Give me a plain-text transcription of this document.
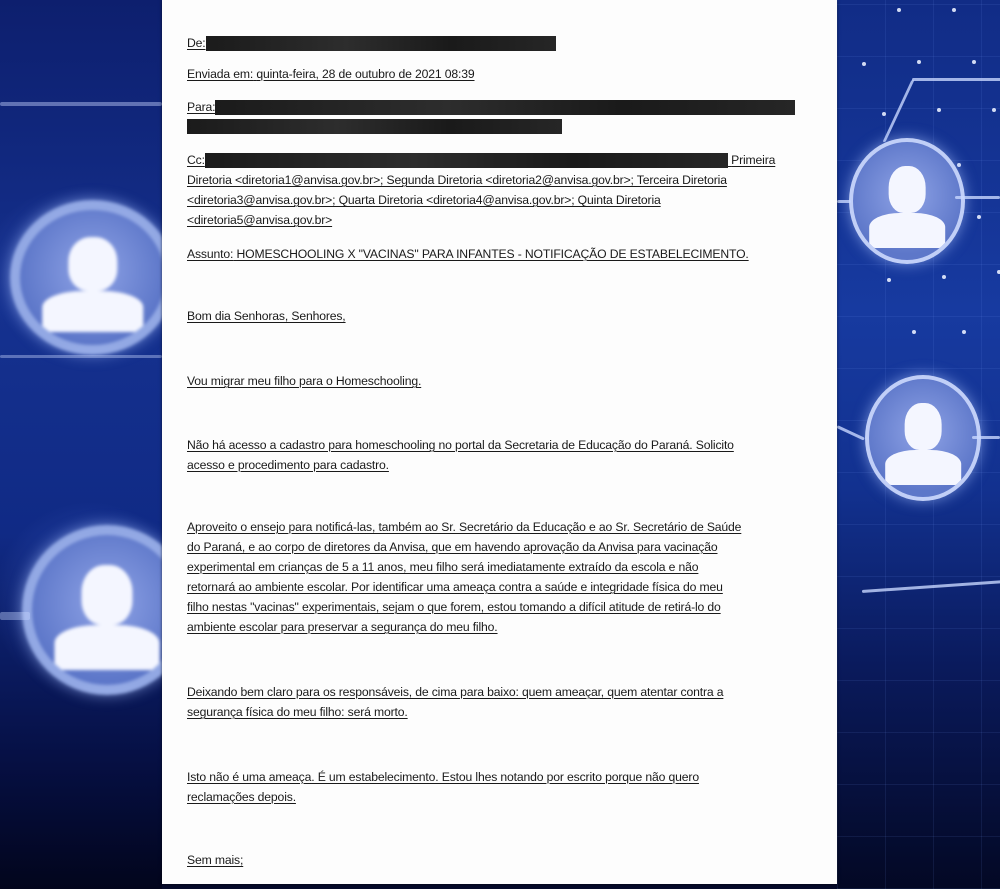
De:
Enviada em: quinta-feira, 28 de outubro de 2021 08:39
Para:
Cc:	Primeira
Diretoria <diretoria1@anvisa.gov.br>; Segunda Diretoria <diretoria2@anvisa.gov.br>; Terceira Diretoria
<diretoria3@anvisa.gov.br>; Quarta Diretoria <diretoria4@anvisa.gov.br>; Quinta Diretoria
<diretoria5@anvisa.gov.br>
Assunto: HOMESCHOOLING X "VACINAS" PARA INFANTES - NOTIFICAÇÃO DE ESTABELECIMENTO.
Bom dia Senhoras, Senhores,
Vou migrar meu filho para o Homeschooling.
Não há acesso a cadastro para homeschooling no portal da Secretaria de Educação do Paraná. Solicito
acesso e procedimento para cadastro.
Aproveito o ensejo para notificá-las, também ao Sr. Secretário da Educação e ao Sr. Secretário de Saúde
do Paraná, e ao corpo de diretores da Anvisa, que em havendo aprovação da Anvisa para vacinação
experimental em crianças de 5 a 11 anos, meu filho será imediatamente extraído da escola e não
retornará ao ambiente escolar. Por identificar uma ameaça contra a saúde e integridade física do meu
filho nestas "vacinas" experimentais, sejam o que forem, estou tomando a difícil atitude de retirá-lo do
ambiente escolar para preservar a segurança do meu filho.
Deixando bem claro para os responsáveis, de cima para baixo: quem ameaçar, quem atentar contra a
segurança física do meu filho: será morto.
Isto não é uma ameaça. É um estabelecimento. Estou lhes notando por escrito porque não quero
reclamações depois.
Sem mais;
